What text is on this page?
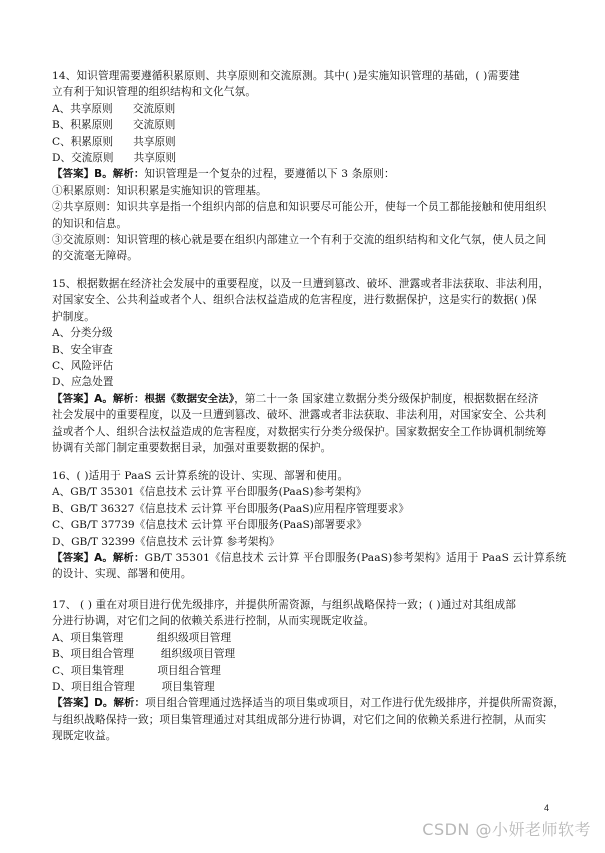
14、知识管理需要遵循积累原则、共享原则和交流原测。其中( )是实施知识管理的基础，( )需要建
立有利于知识管理的组织结构和文化气氛。
A、共享原则      交流原则
B、积累原则      交流原则
C、积累原则      共享原则
D、交流原则      共享原则
【答案】B。解析：知识管理是一个复杂的过程，要遵循以下 3 条原则：
①积累原则：知识积累是实施知识的管理基。
②共享原则：知识共享是指一个组织内部的信息和知识要尽可能公开，使每一个员工都能接触和使用组织
的知识和信息。
③交流原则：知识管理的核心就是要在组织内部建立一个有利于交流的组织结构和文化气氛，使人员之间
的交流毫无障碍。
15、根据数据在经济社会发展中的重要程度，以及一旦遭到篡改、破坏、泄露或者非法获取、非法利用，
对国家安全、公共利益或者个人、组织合法权益造成的危害程度，进行数据保护，这是实行的数据( )保
护制度。
A、分类分级
B、安全审查
C、风险评估
D、应急处置
【答案】A。解析：根据《数据安全法》，第二十一条 国家建立数据分类分级保护制度，根据数据在经济
社会发展中的重要程度，以及一旦遭到篡改、破坏、泄露或者非法获取、非法利用，对国家安全、公共利
益或者个人、组织合法权益造成的危害程度，对数据实行分类分级保护。国家数据安全工作协调机制统筹
协调有关部门制定重要数据目录，加强对重要数据的保护。
16、( )适用于 PaaS 云计算系统的设计、实现、部署和使用。
A、GB/T 35301《信息技术 云计算 平台即服务(PaaS)参考架构》
B、GB/T 36327《信息技术 云计算 平台即服务(PaaS)应用程序管理要求》
C、GB/T 37739《信息技术 云计算 平台即服务(PaaS)部署要求》
D、GB/T 32399《信息技术 云计算 参考架构》
【答案】A。解析：GB/T 35301《信息技术 云计算 平台即服务(PaaS)参考架构》适用于 PaaS 云计算系统
的设计、实现、部署和使用。
17、 ( ) 重在对项目进行优先级排序，并提供所需资源，与组织战略保持一致；( )通过对其组成部
分进行协调，对它们之间的依赖关系进行控制，从而实现既定收益。
A、项目集管理          组织级项目管理
B、项目组合管理        组织级项目管理
C、项目集管理          项目组合管理
D、项目组合管理        项目集管理
【答案】D。解析：项目组合管理通过选择适当的项目集或项目，对工作进行优先级排序，并提供所需资源，
与组织战略保持一致；项目集管理通过对其组成部分进行协调，对它们之间的依赖关系进行控制，从而实
现既定收益。
4
CSDN @小妍老师软考
